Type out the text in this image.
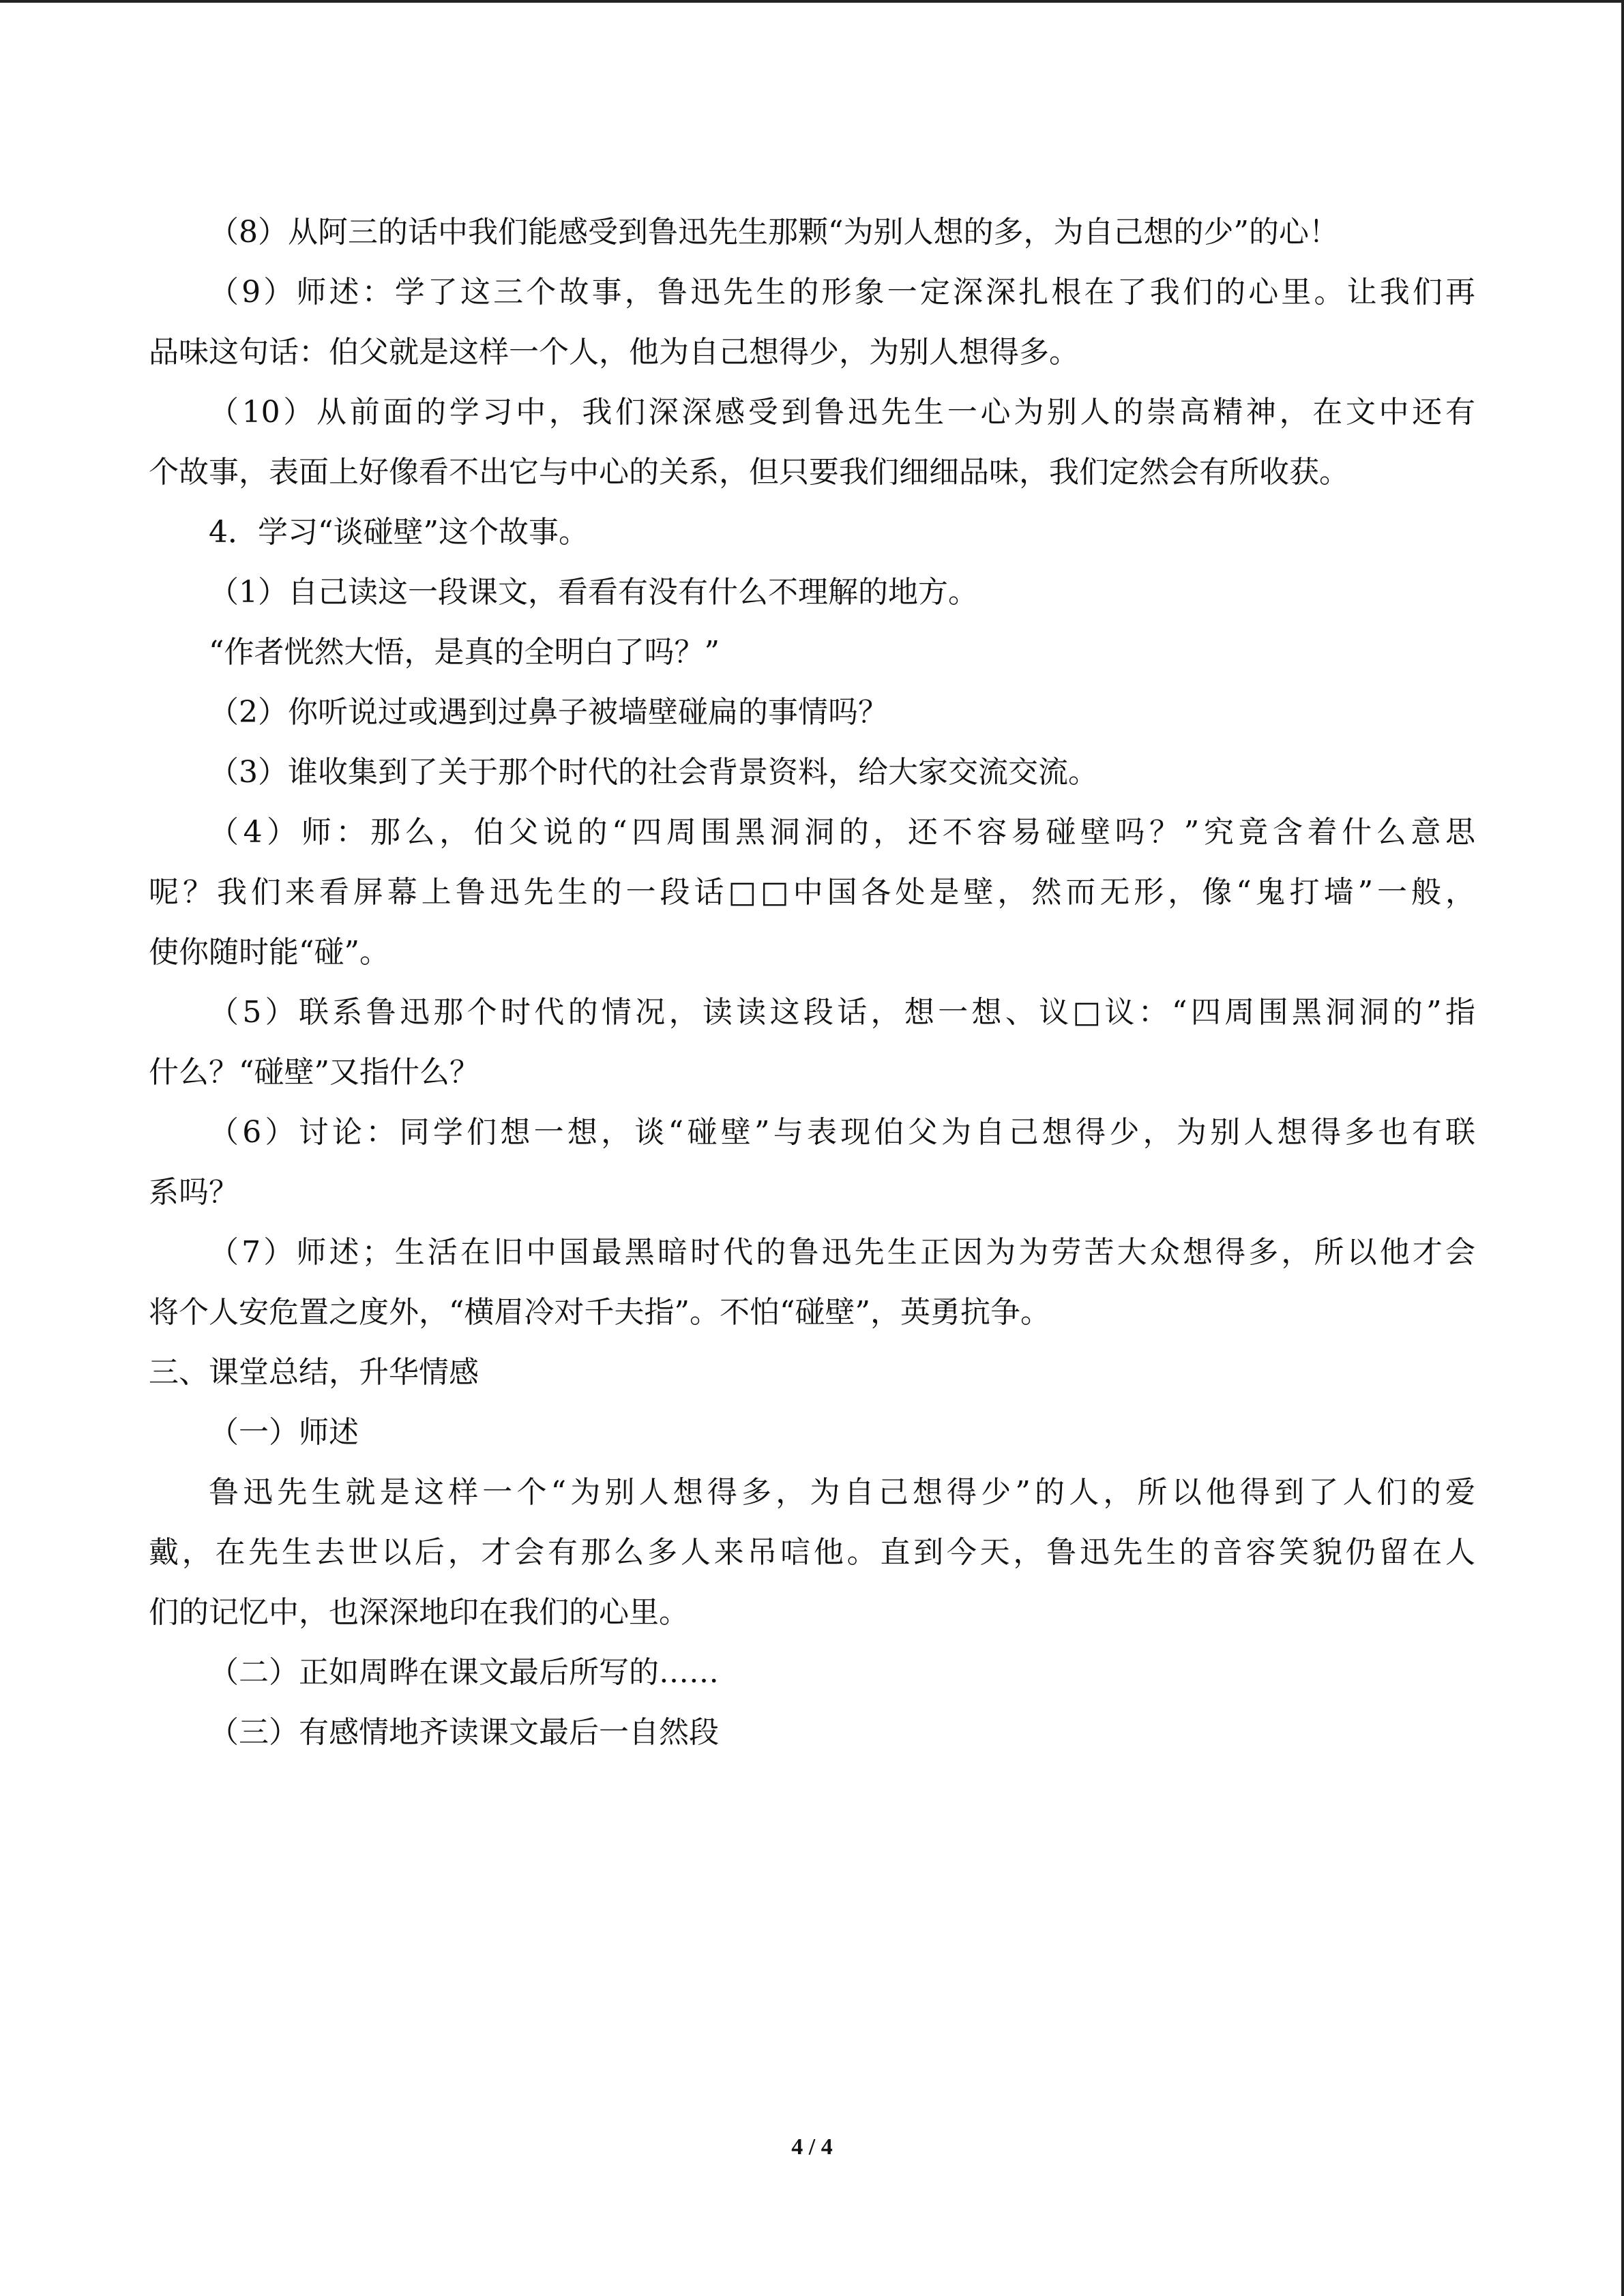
（8）从阿三的话中我们能感受到鲁迅先生那颗“为别人想的多，为自己想的少”的心！
（9）师述：学了这三个故事，鲁迅先生的形象一定深深扎根在了我们的心里。让我们再
品味这句话：伯父就是这样一个人，他为自己想得少，为别人想得多。
（10）从前面的学习中，我们深深感受到鲁迅先生一心为别人的崇高精神，在文中还有
个故事，表面上好像看不出它与中心的关系，但只要我们细细品味，我们定然会有所收获。
4．学习“谈碰壁”这个故事。
（1）自己读这一段课文，看看有没有什么不理解的地方。
“作者恍然大悟，是真的全明白了吗？”
（2）你听说过或遇到过鼻子被墙壁碰扁的事情吗？
（3）谁收集到了关于那个时代的社会背景资料，给大家交流交流。
（4）师：那么，伯父说的“四周围黑洞洞的，还不容易碰壁吗？”究竟含着什么意思
呢？我们来看屏幕上鲁迅先生的一段话□□中国各处是壁，然而无形，像“鬼打墙”一般，
使你随时能“碰”。
（5）联系鲁迅那个时代的情况，读读这段话，想一想、议□议：“四周围黑洞洞的”指
什么？“碰壁”又指什么？
（6）讨论：同学们想一想，谈“碰壁”与表现伯父为自己想得少，为别人想得多也有联
系吗？
（7）师述；生活在旧中国最黑暗时代的鲁迅先生正因为为劳苦大众想得多，所以他才会
将个人安危置之度外，“横眉冷对千夫指”。不怕“碰壁”，英勇抗争。
三、课堂总结，升华情感
（一）师述
鲁迅先生就是这样一个“为别人想得多，为自己想得少”的人，所以他得到了人们的爱
戴，在先生去世以后，才会有那么多人来吊唁他。直到今天，鲁迅先生的音容笑貌仍留在人
们的记忆中，也深深地印在我们的心里。
（二）正如周晔在课文最后所写的……
（三）有感情地齐读课文最后一自然段
4 / 4
